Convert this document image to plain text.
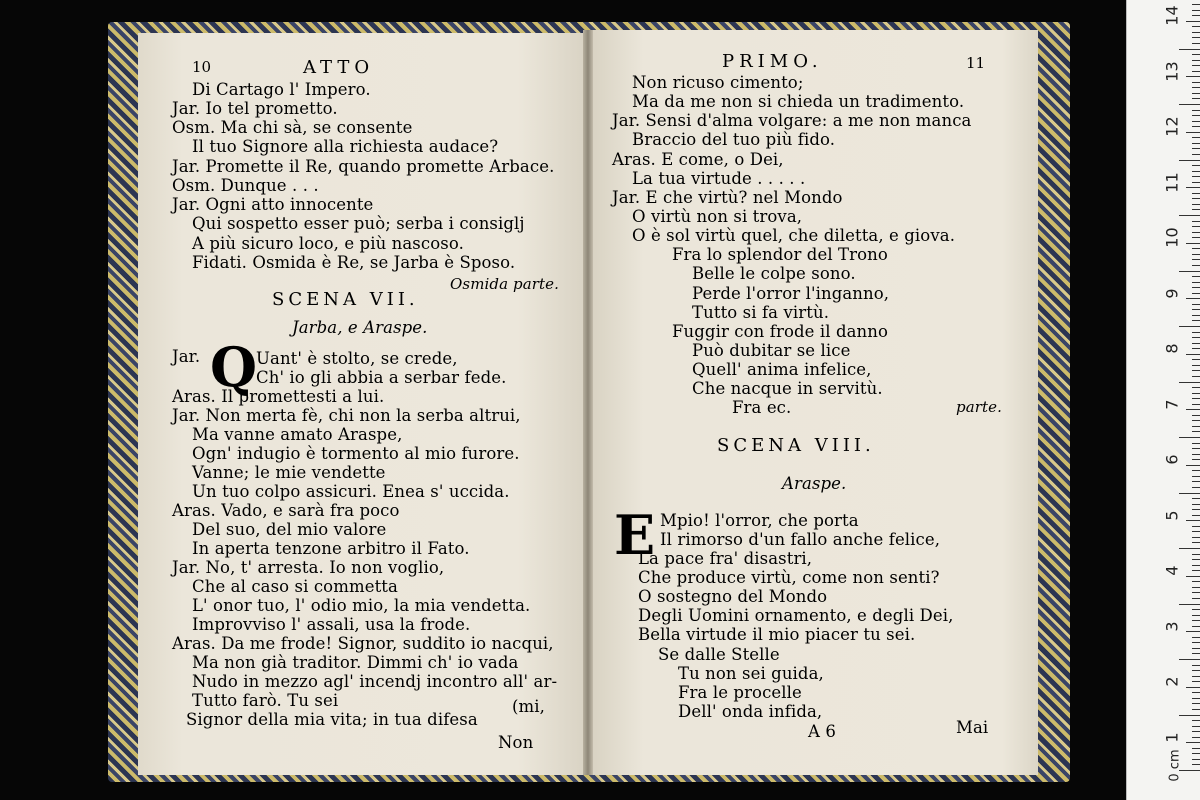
10	ATTO
Di Cartago l' Impero.
Jar. Io tel prometto.
Osm. Ma chi sà, se consente
Il tuo Signore alla richiesta audace?
Jar. Promette il Re, quando promette Arbace.
Osm. Dunque . . .
Jar. Ogni atto innocente
Qui sospetto esser può; serba i consiglj
A più sicuro loco, e più nascoso.
Fidati. Osmida è Re, se Jarba è Sposo.
Osmida parte.
SCENA VII.
Jarba, e Araspe.
Jar. Q
Uant' è stolto, se crede,
Ch' io gli abbia a serbar fede.
Aras. Il promettesti a lui.
Jar. Non merta fè, chi non la serba altrui,
Ma vanne amato Araspe,
Ogn' indugio è tormento al mio furore.
Vanne; le mie vendette
Un tuo colpo assicuri. Enea s' uccida.
Aras. Vado, e sarà fra poco
Del suo, del mio valore
In aperta tenzone arbitro il Fato.
Jar. No, t' arresta. Io non voglio,
Che al caso si commetta
L' onor tuo, l' odio mio, la mia vendetta.
Improvviso l' assali, usa la frode.
Aras. Da me frode! Signor, suddito io nacqui,
Ma non già traditor. Dimmi ch' io vada
Nudo in mezzo agl' incendj incontro all' ar-
Tutto farò. Tu sei	(mi,
Signor della mia vita; in tua difesa
Non
PRIMO.	11
Non ricuso cimento;
Ma da me non si chieda un tradimento.
Jar. Sensi d'alma volgare: a me non manca
Braccio del tuo più fido.
Aras. E come, o Dei,
La tua virtude . . . . .
Jar. E che virtù? nel Mondo
O virtù non si trova,
O è sol virtù quel, che diletta, e giova.
Fra lo splendor del Trono
Belle le colpe sono.
Perde l'orror l'inganno,
Tutto si fa virtù.
Fuggir con frode il danno
Può dubitar se lice
Quell' anima infelice,
Che nacque in servitù.
Fra ec.	parte.
SCENA VIII.
Araspe.
E Mpio! l'orror, che porta
Il rimorso d'un fallo anche felice,
La pace fra' disastri,
Che produce virtù, come non senti?
O sostegno del Mondo
Degli Uomini ornamento, e degli Dei,
Bella virtude il mio piacer tu sei.
Se dalle Stelle
Tu non sei guida,
Fra le procelle
Dell' onda infida,
A 6	Mai
1
2
3
4
5
6
7
8
9
10
11
12
13
14
0 cm
